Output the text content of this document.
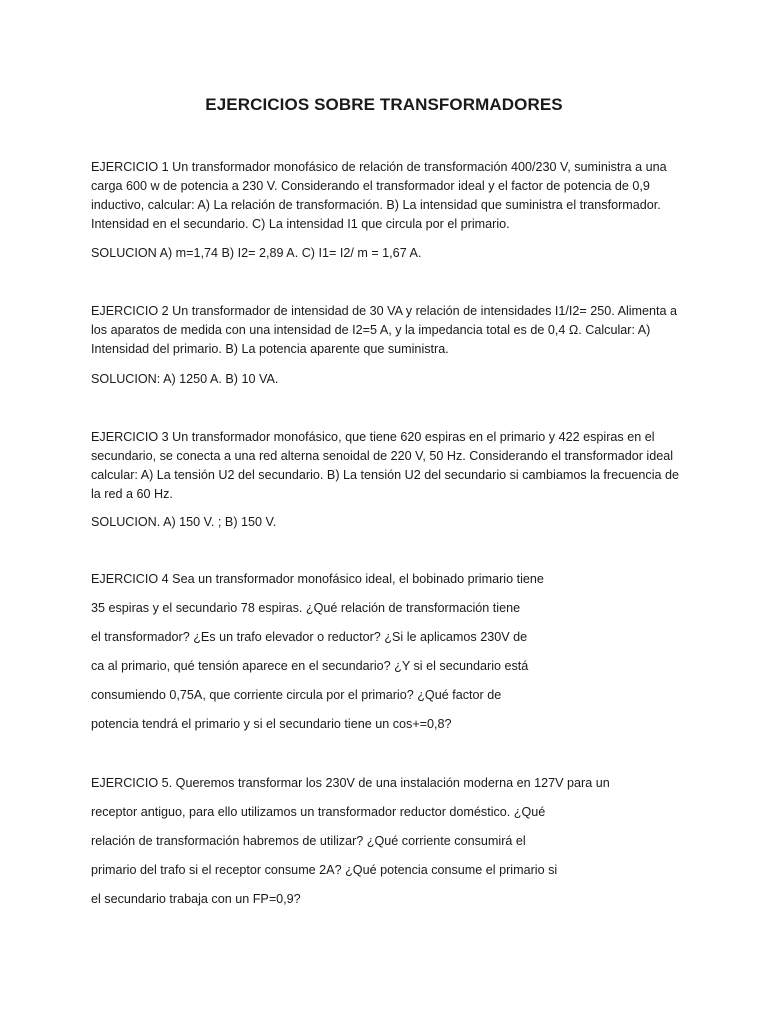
EJERCICIOS SOBRE TRANSFORMADORES

EJERCICIO 1 Un transformador monofásico de relación de transformación 400/230 V, suministra a una carga 600 w de potencia a 230 V. Considerando el transformador ideal y el factor de potencia de 0,9 inductivo, calcular: A) La relación de transformación. B) La intensidad que suministra el transformador. Intensidad en el secundario. C) La intensidad I1 que circula por el primario.

SOLUCION A) m=1,74 B) I2= 2,89 A. C) I1= I2/ m = 1,67 A.

EJERCICIO 2 Un transformador de intensidad de 30 VA y relación de intensidades I1/I2= 250. Alimenta a los aparatos de medida con una intensidad de I2=5 A, y la impedancia total es de 0,4 Ω. Calcular: A) Intensidad del primario. B) La potencia aparente que suministra.

SOLUCION: A) 1250 A. B) 10 VA.

EJERCICIO 3 Un transformador monofásico, que tiene 620 espiras en el primario y 422 espiras en el secundario, se conecta a una red alterna senoidal de 220 V, 50 Hz. Considerando el transformador ideal calcular: A) La tensión U2 del secundario. B) La tensión U2 del secundario si cambiamos la frecuencia de la red a 60 Hz.

SOLUCION. A) 150 V. ; B) 150 V.

EJERCICIO 4 Sea un transformador monofásico ideal, el bobinado primario tiene

35 espiras y el secundario 78 espiras. ¿Qué relación de transformación tiene

el transformador? ¿Es un trafo elevador o reductor? ¿Si le aplicamos 230V de

ca al primario, qué tensión aparece en el secundario? ¿Y si el secundario está

consumiendo 0,75A, que corriente circula por el primario? ¿Qué factor de

potencia tendrá el primario y si el secundario tiene un cos+=0,8?

EJERCICIO 5. Queremos transformar los 230V de una instalación moderna en 127V para un

receptor antiguo, para ello utilizamos un transformador reductor doméstico. ¿Qué

relación de transformación habremos de utilizar? ¿Qué corriente consumirá el

primario del trafo si el receptor consume 2A? ¿Qué potencia consume el primario si

el secundario trabaja con un FP=0,9?
